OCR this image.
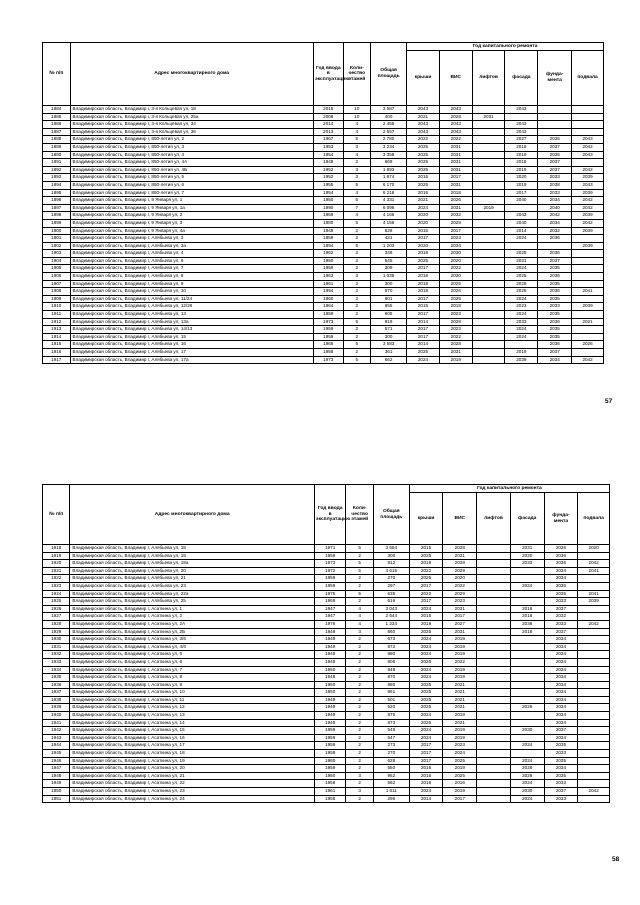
№ п/п	Адрес многоквартирного дома	Год ввода в эксплуатацию	Коли-чество этажей	Общая площадь	Год капитального ремонта					
					крыши	ВИС	лифтов	фасада	фунда-мента	подвала
1884	Владимирская область, Владимир г, 3-я Кольцевая ул, 18	2015	10	3 587	2043	2043		2043		
1885	Владимирская область, Владимир г, 3-я Кольцевая ул, 25а	2006	10	400	2021	2028	2031			
1886	Владимирская область, Владимир г, 3-я Кольцевая ул, 34	2014	4	2 455	2043	2043		2043		
1887	Владимирская область, Владимир г, 3-я Кольцевая ул, 36	2013	4	2 557	2043	2043		2043		
1888	Владимирская область, Владимир г, 850-летия ул, 2	1967	5	2 780	2022	2022		2027	2026	2043
1889	Владимирская область, Владимир г, 850-летия ул, 3	1953	3	3 234	2025	2031		2018	2037	2042
1890	Владимирская область, Владимир г, 850-летия ул, 4	1954	4	3 358	2025	2031		2019	2026	2043
1891	Владимирская область, Владимир г, 850-летия ул, 4А	1949	2	669	2025	2031		2018	2037	
1892	Владимирская область, Владимир г, 850-летия ул, 4Б	1952	3	1 893	2025	2031		2019	2037	2042
1893	Владимирская область, Владимир г, 850-летия ул, 5	1952	3	1 874	2015	2017		2020	2033	2039
1894	Владимирская область, Владимир г, 850-летия ул, 6	1955	5	6 170	2025	2031		2019	2038	2043
1895	Владимирская область, Владимир г, 850-летия ул, 7	1954	4	6 216	2016	2018		2017	2033	2039
1896	Владимирская область, Владимир г, 9 Января ул, 1	1950	5	4 331	2021	2026		2040	2034	2042
1897	Владимирская область, Владимир г, 9 Января ул, 1а	1990	7	6 096	2024	2031	2019		2040	2042
1898	Владимирская область, Владимир г, 9 Января ул, 2	1959	4	4 166	2020	2032		2043	2042	2039
1899	Владимирская область, Владимир г, 9 Января ул, 3	1980	5	4 156	2020	2029		2040	2034	2042
1900	Владимирская область, Владимир г, 9 Января ул, 4а	1949	2	528	2015	2017		2014	2032	2039
1901	Владимирская область, Владимир г, Алябьева ул, 3	1959	2	431	2017	2023		2024	2036	
1902	Владимирская область, Владимир г, Алябьева ул, 3а	1994	5	1 203	2020	2034				2039
1903	Владимирская область, Владимир г, Алябьева ул, 4	1962	2	346	2018	2030		2025	2036	
1904	Владимирская область, Владимир г, Алябьева ул, 6	1950	2	545	2025	2020		2031	2037	
1905	Владимирская область, Владимир г, Алябьева ул, 7	1959	2	309	2017	2022		2024	2035	
1906	Владимирская область, Владимир г, Алябьева ул, 8	1963	3	1 035	2018	2030		2025	2036	
1907	Владимирская область, Владимир г, Алябьева ул, 9	1961	2	300	2018	2025		2029	2035	
1908	Владимирская область, Владимир г, Алябьева ул, 10	1994	2	970	2018	2026		2028	2036	2041
1909	Владимирская область, Владимир г, Алябьева ул, 11/24	1960	2	601	2017	2025		2024	2035	
1910	Владимирская область, Владимир г, Алябьева ул, 12/26	1964	2	655	2015	2018		2023	2033	2039
1911	Владимирская область, Владимир г, Алябьева ул, 13	1959	2	605	2017	2023		2024	2035	
1912	Владимирская область, Владимир г, Алябьева ул, 13а	1973	5	819	2014	2028		2033	2036	2021
1913	Владимирская область, Владимир г, Алябьева ул, 14/13	1959	2	571	2017	2023		2024	2035	
1914	Владимирская область, Владимир г, Алябьева ул, 15	1959	2	300	2017	2022		2024	2035	
1915	Владимирская область, Владимир г, Алябьева ул, 16	1966	5	3 583	2014	2028			2036	2026
1916	Владимирская область, Владимир г, Алябьева ул, 17	1958	2	361	2025	2031		2019	2037	
1917	Владимирская область, Владимир г, Алябьева ул, 17а	1973	5	662	2024	2019		2039	2034	2042
57
№ п/п	Адрес многоквартирного дома	Год ввода в эксплуатацию	Коли-чество этажей	Общая площадь	Год капитального ремонта					
					крыши	ВИС	лифтов	фасада	фунда-мента	подвала
1918	Владимирская область, Владимир г, Алябьева ул, 18	1971	5	3 654	2015	2028		2031	2026	2020
1919	Владимирская область, Владимир г, Алябьева ул, 19	1959	2	300	2025	2031		2020	2036	
1920	Владимирская область, Владимир г, Алябьева ул, 19а	1973	5	912	2019	2028		2033	2036	2042
1921	Владимирская область, Владимир г, Алябьева ул, 20	1972	5	4 615	2022	2029			2034	2041
1922	Владимирская область, Владимир г, Алябьева ул, 21	1959	2	270	2025	2020			2034	
1923	Владимирская область, Владимир г, Алябьева ул, 23	1959	2	297	2017	2022		2024	2035	
1924	Владимирская область, Владимир г, Алябьева ул, 22а	1975	5	635	2022	2029			2035	2041
1925	Владимирская область, Владимир г, Алябьева ул, 25	1959	2	616	2017	2023			2033	2039
1926	Владимирская область, Владимир г, Асаткина ул, 1	1947	4	3 043	2024	2031		2018	2037	
1927	Владимирская область, Владимир г, Асаткина ул, 2	1947	4	2 644	2015	2017		2018	2032	
1928	Владимирская область, Владимир г, Асаткина ул, 2А	1976	4	1 234	2019	2027		2036	2033	2042
1929	Владимирская область, Владимир г, Асаткина ул, 2Б	1949	3	860	2025	2031		2018	2037	
1930	Владимирская область, Владимир г, Асаткина ул, 3/6	1949	2	673	2024	2019			2034	
1931	Владимирская область, Владимир г, Асаткина ул, 4/6	1949	2	872	2024	2019			2034	
1932	Владимирская область, Владимир г, Асаткина ул, 5	1949	2	880	2024	2019			2034	
1933	Владимирская область, Владимир г, Асаткина ул, 6	1949	2	806	2025	2022			2034	
1934	Владимирская область, Владимир г, Асаткина ул, 7	1950	2	848	2024	2019			2034	
1935	Владимирская область, Владимир г, Асаткина ул, 8	1948	2	870	2024	2019			2034	
1936	Владимирская область, Владимир г, Асаткина ул, 9	1950	2	880	2025	2021			2034	
1937	Владимирская область, Владимир г, Асаткина ул, 10	1950	2	861	2025	2021			2034	
1938	Владимирская область, Владимир г, Асаткина ул, 11	1949	2	501	2025	2021			2034	
1939	Владимирская область, Владимир г, Асаткина ул, 12	1949	2	520	2025	2021		2026	2034	
1940	Владимирская область, Владимир г, Асаткина ул, 13	1949	2	875	2024	2019			2034	
1941	Владимирская область, Владимир г, Асаткина ул, 14	1949	2	873	2025	2021			2034	
1942	Владимирская область, Владимир г, Асаткина ул, 15	1959	2	549	2024	2019		2030	2037	
1943	Владимирская область, Владимир г, Асаткина ул, 16	1959	2	547	2024	2019			2034	
1944	Владимирская область, Владимир г, Асаткина ул, 17	1959	2	273	2017	2023		2024	2035	
1945	Владимирская область, Владимир г, Асаткина ул, 18	1959	2	270	2017	2024			2033	
1946	Владимирская область, Владимир г, Асаткина ул, 19	1960	2	628	2017	2025		2024	2035	
1947	Владимирская область, Владимир г, Асаткина ул, 20	1959	2	550	2016	2019		2026	2034	
1948	Владимирская область, Владимир г, Асаткина ул, 21	1960	3	952	2016	2025		2026	2035	
1949	Владимирская область, Владимир г, Асаткина ул, 22	1958	2	562	2016	2016		2024	2033	
1950	Владимирская область, Владимир г, Асаткина ул, 23	1961	3	1 611	2024	2019		2030	2037	2042
1951	Владимирская область, Владимир г, Асаткина ул, 24	1958	2	296	2014	2017		2024	2033	
58
